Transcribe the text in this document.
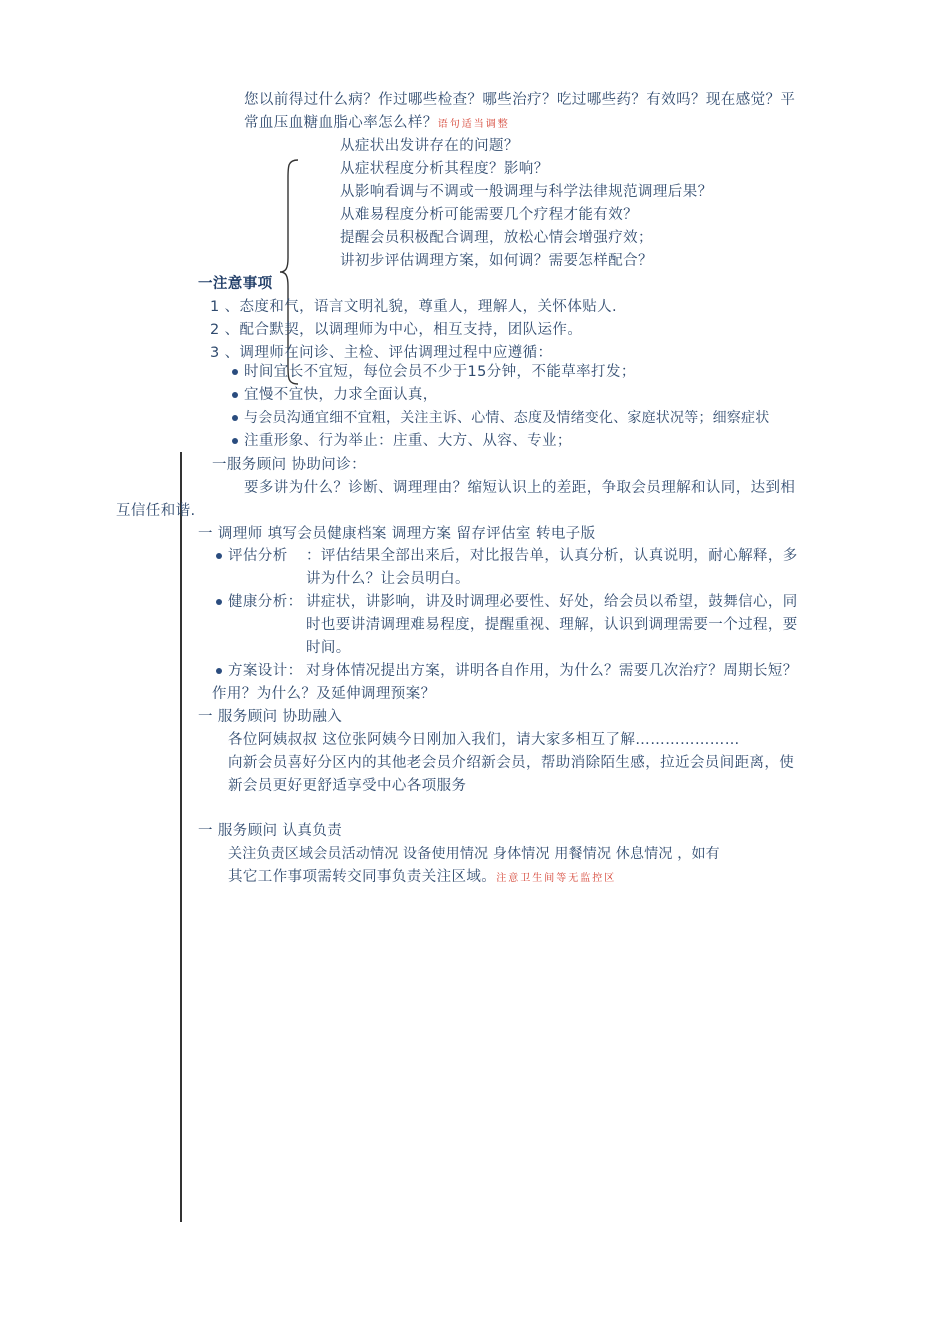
您以前得过什么病？作过哪些检查？哪些治疗？吃过哪些药？有效吗？现在感觉？平
常血压血糖血脂心率怎么样？语句适当调整
从症状出发讲存在的问题？
从症状程度分析其程度？影响？
从影响看调与不调或一般调理与科学法律规范调理后果？
从难易程度分析可能需要几个疗程才能有效？
提醒会员积极配合调理，放松心情会增强疗效；
讲初步评估调理方案，如何调？需要怎样配合？
一注意事项
1 、态度和气，语言文明礼貌，尊重人，理解人，关怀体贴人.
2 、配合默契，以调理师为中心，相互支持，团队运作。
3 、调理师在问诊、主检、评估调理过程中应遵循：
时间宜长不宜短，每位会员不少于15分钟，不能草率打发；
宜慢不宜快，力求全面认真，
与会员沟通宜细不宜粗，关注主诉、心情、态度及情绪变化、家庭状况等；细察症状
注重形象、行为举止：庄重、大方、从容、专业；
一服务顾问 协助问诊：
要多讲为什么？诊断、调理理由？缩短认识上的差距，争取会员理解和认同，达到相
互信任和谐.
一 调理师 填写会员健康档案 调理方案 留存评估室 转电子版
评估分析 ：评估结果全部出来后，对比报告单，认真分析，认真说明，耐心解释，多
讲为什么？让会员明白。
健康分析： 讲症状，讲影响，讲及时调理必要性、好处，给会员以希望，鼓舞信心，同
时也要讲清调理难易程度，提醒重视、理解，认识到调理需要一个过程，要
时间。
方案设计： 对身体情况提出方案，讲明各自作用，为什么？需要几次治疗？周期长短？
作用？为什么？及延伸调理预案？
一 服务顾问 协助融入
各位阿姨叔叔 这位张阿姨今日刚加入我们，请大家多相互了解…………………
向新会员喜好分区内的其他老会员介绍新会员，帮助消除陌生感，拉近会员间距离，使
新会员更好更舒适享受中心各项服务
一 服务顾问 认真负责
关注负责区域会员活动情况 设备使用情况 身体情况 用餐情况 休息情况 ，如有
其它工作事项需转交同事负责关注区域。注意卫生间等无监控区
